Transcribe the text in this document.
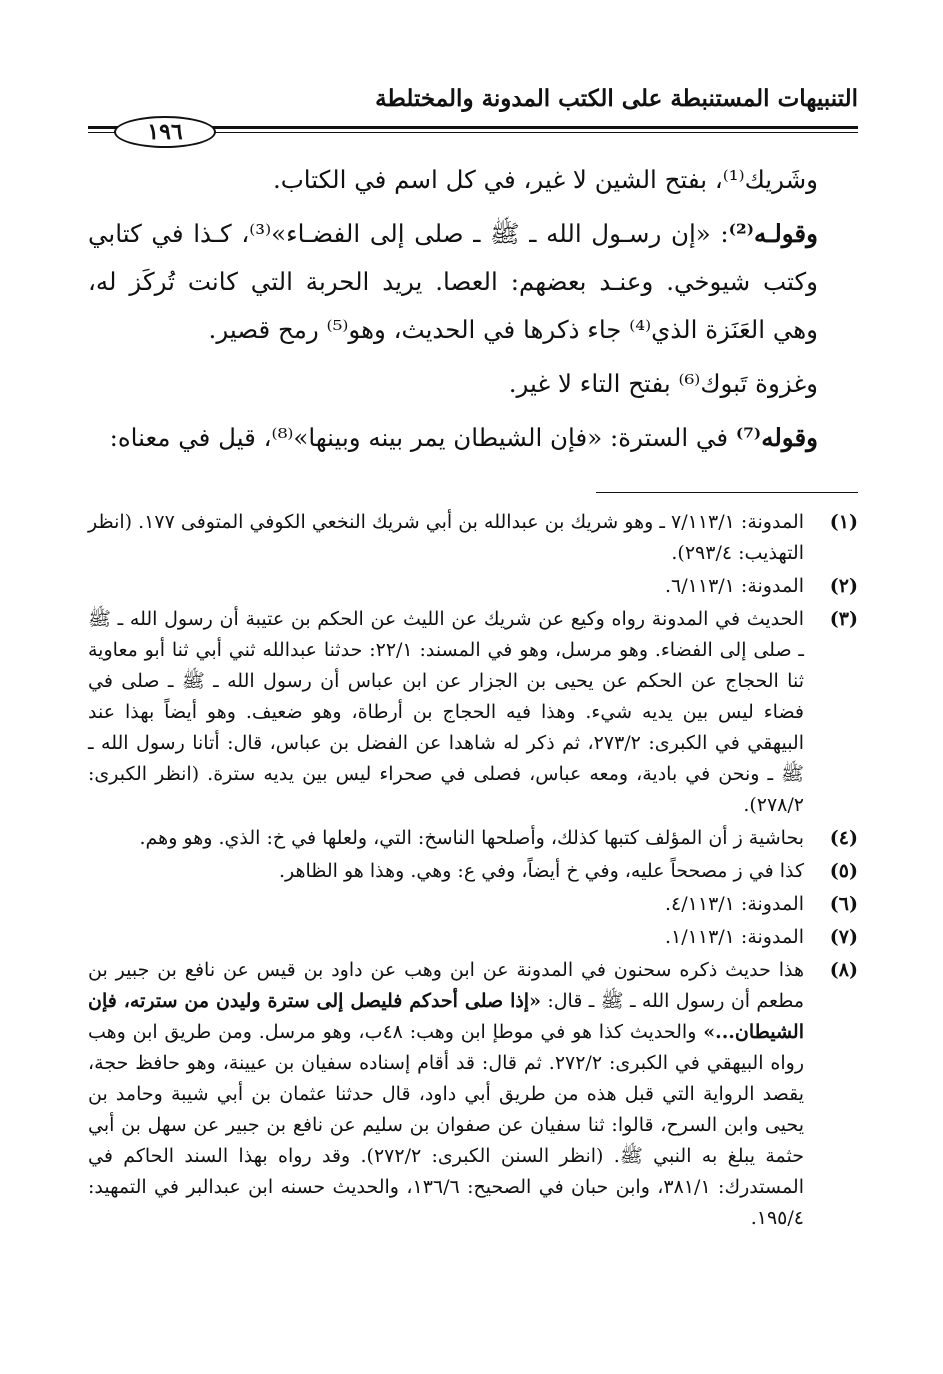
التنبيهات المستنبطة على الكتب المدونة والمختلطة
١٩٦

وشَريك⁽¹⁾، بفتح الشين لا غير، في كل اسم في الكتاب.

وقولـه⁽²⁾: «إن رسـول الله ـ ﷺ ـ صلى إلى الفضـاء»⁽³⁾، كـذا في كتابي وكتب شيوخي. وعنـد بعضهم: العصا. يريد الحربة التي كانت تُركَز له، وهي العَنَزة الذي⁽⁴⁾ جاء ذكرها في الحديث، وهو⁽⁵⁾ رمح قصير.

وغزوة تَبوك⁽⁶⁾ بفتح التاء لا غير.

وقوله⁽⁷⁾ في السترة: «فإن الشيطان يمر بينه وبينها»⁽⁸⁾، قيل في معناه:

(١)
المدونة: ٧/١١٣/١ ـ وهو شريك بن عبدالله بن أبي شريك النخعي الكوفي المتوفى ١٧٧. (انظر التهذيب: ٢٩٣/٤).
(٢)
المدونة: ٦/١١٣/١.
(٣)
الحديث في المدونة رواه وكيع عن شريك عن الليث عن الحكم بن عتيبة أن رسول الله ـ ﷺ ـ صلى إلى الفضاء. وهو مرسل، وهو في المسند: ٢٢/١: حدثنا عبدالله ثني أبي ثنا أبو معاوية ثنا الحجاج عن الحكم عن يحيى بن الجزار عن ابن عباس أن رسول الله ـ ﷺ ـ صلى في فضاء ليس بين يديه شيء. وهذا فيه الحجاج بن أرطاة، وهو ضعيف. وهو أيضاً بهذا عند البيهقي في الكبرى: ٢٧٣/٢، ثم ذكر له شاهدا عن الفضل بن عباس، قال: أتانا رسول الله ـ ﷺ ـ ونحن في بادية، ومعه عباس، فصلى في صحراء ليس بين يديه سترة. (انظر الكبرى: ٢٧٨/٢).
(٤)
بحاشية ز أن المؤلف كتبها كذلك، وأصلحها الناسخ: التي، ولعلها في خ: الذي. وهو وهم.
(٥)
كذا في ز مصححاً عليه، وفي خ أيضاً، وفي ع: وهي. وهذا هو الظاهر.
(٦)
المدونة: ٤/١١٣/١.
(٧)
المدونة: ١/١١٣/١.
(٨)
هذا حديث ذكره سحنون في المدونة عن ابن وهب عن داود بن قيس عن نافع بن جبير بن مطعم أن رسول الله ـ ﷺ ـ قال: «إذا صلى أحدكم فليصل إلى سترة وليدن من سترته، فإن الشيطان...» والحديث كذا هو في موطإ ابن وهب: ٤٨ب، وهو مرسل. ومن طريق ابن وهب رواه البيهقي في الكبرى: ٢٧٢/٢. ثم قال: قد أقام إسناده سفيان بن عيينة، وهو حافظ حجة، يقصد الرواية التي قبل هذه من طريق أبي داود، قال حدثنا عثمان بن أبي شيبة وحامد بن يحيى وابن السرح، قالوا: ثنا سفيان عن صفوان بن سليم عن نافع بن جبير عن سهل بن أبي حثمة يبلغ به النبي ﷺ. (انظر السنن الكبرى: ٢٧٢/٢). وقد رواه بهذا السند الحاكم في المستدرك: ٣٨١/١، وابن حبان في الصحيح: ١٣٦/٦، والحديث حسنه ابن عبدالبر في التمهيد: ١٩٥/٤.
